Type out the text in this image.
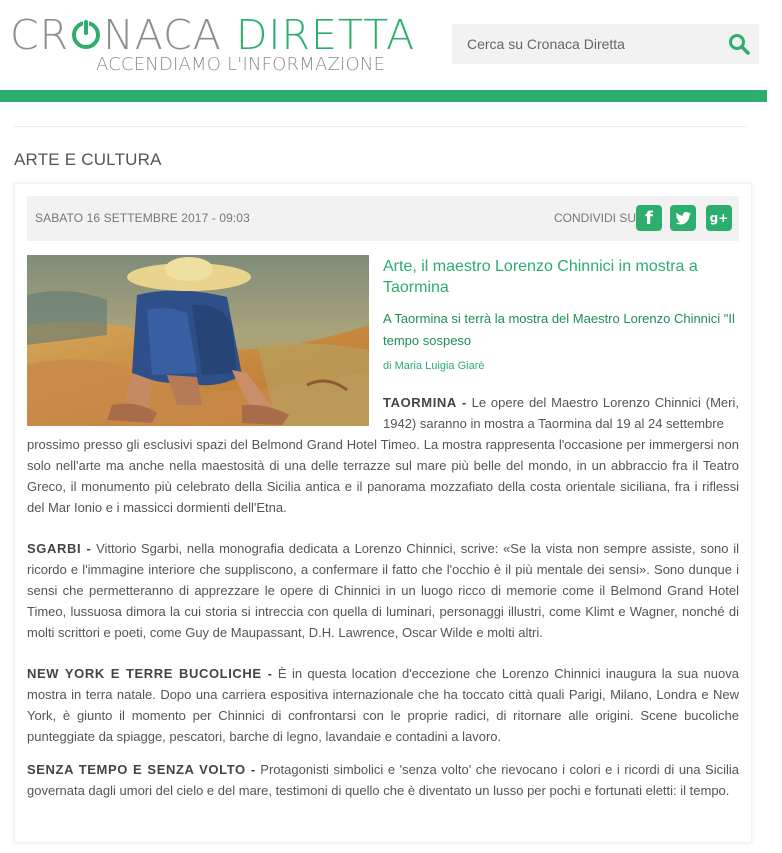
CR NACA DIRETTA
ACCENDIAMO L'INFORMAZIONE
Cerca su Cronaca Diretta
ARTE E CULTURA
SABATO 16 SETTEMBRE 2017 - 09:03	CONDIVIDI SU f	g+
Arte, il maestro Lorenzo Chinnici in mostra a Taormina
A Taormina si terrà la mostra del Maestro Lorenzo Chinnici "Il tempo sospeso
di Maria Luigia Giarè
TAORMINA - Le opere del Maestro Lorenzo Chinnici (Meri, 1942) saranno in mostra a Taormina dal 19 al 24 settembre
prossimo presso gli esclusivi spazi del Belmond Grand Hotel Timeo. La mostra rappresenta l'occasione per immergersi non solo nell'arte ma anche nella maestosità di una delle terrazze sul mare più belle del mondo, in un abbraccio fra il Teatro Greco, il monumento più celebrato della Sicilia antica e il panorama mozzafiato della costa orientale siciliana, fra i riflessi del Mar Ionio e i massicci dormienti dell'Etna.
SGARBI - Vittorio Sgarbi, nella monografia dedicata a Lorenzo Chinnici, scrive: «Se la vista non sempre assiste, sono il ricordo e l'immagine interiore che suppliscono, a confermare il fatto che l'occhio è il più mentale dei sensi». Sono dunque i sensi che permetteranno di apprezzare le opere di Chinnici in un luogo ricco di memorie come il Belmond Grand Hotel Timeo, lussuosa dimora la cui storia si intreccia con quella di luminari, personaggi illustri, come Klimt e Wagner, nonché di molti scrittori e poeti, come Guy de Maupassant, D.H. Lawrence, Oscar Wilde e molti altri.
NEW YORK E TERRE BUCOLICHE - È in questa location d'eccezione che Lorenzo Chinnici inaugura la sua nuova mostra in terra natale. Dopo una carriera espositiva internazionale che ha toccato città quali Parigi, Milano, Londra e New York, è giunto il momento per Chinnici di confrontarsi con le proprie radici, di ritornare alle origini. Scene bucoliche punteggiate da spiagge, pescatori, barche di legno, lavandaie e contadini a lavoro.
SENZA TEMPO E SENZA VOLTO - Protagonisti simbolici e 'senza volto' che rievocano i colori e i ricordi di una Sicilia governata dagli umori del cielo e del mare, testimoni di quello che è diventato un lusso per pochi e fortunati eletti: il tempo.
